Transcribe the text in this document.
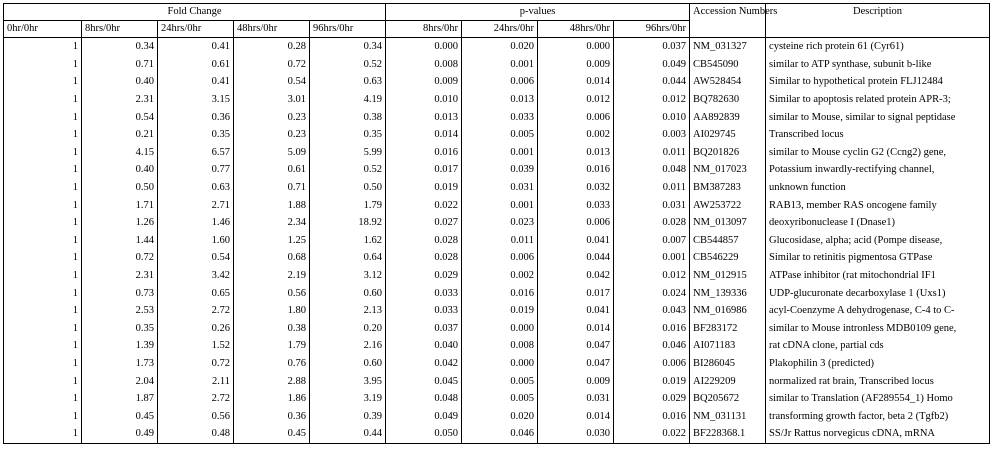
Fold Change					p-values				Accession Numbers	Description
0hr/0hr	8hrs/0hr	24hrs/0hr	48hrs/0hr	96hrs/0hr	8hrs/0hr	24hrs/0hr	48hrs/0hr	96hrs/0hr		
1	0.34	0.41	0.28	0.34	0.000	0.020	0.000	0.037	NM_031327	cysteine rich protein 61 (Cyr61)
1	0.71	0.61	0.72	0.52	0.008	0.001	0.009	0.049	CB545090	similar to ATP synthase, subunit b-like
1	0.40	0.41	0.54	0.63	0.009	0.006	0.014	0.044	AW528454	Similar to hypothetical protein FLJ12484
1	2.31	3.15	3.01	4.19	0.010	0.013	0.012	0.012	BQ782630	Similar to apoptosis related protein APR-3;
1	0.54	0.36	0.23	0.38	0.013	0.033	0.006	0.010	AA892839	similar to Mouse, similar to signal peptidase
1	0.21	0.35	0.23	0.35	0.014	0.005	0.002	0.003	AI029745	Transcribed locus
1	4.15	6.57	5.09	5.99	0.016	0.001	0.013	0.011	BQ201826	similar to Mouse cyclin G2 (Ccng2) gene,
1	0.40	0.77	0.61	0.52	0.017	0.039	0.016	0.048	NM_017023	Potassium inwardly-rectifying channel,
1	0.50	0.63	0.71	0.50	0.019	0.031	0.032	0.011	BM387283	unknown function
1	1.71	2.71	1.88	1.79	0.022	0.001	0.033	0.031	AW253722	RAB13, member RAS oncogene family
1	1.26	1.46	2.34	18.92	0.027	0.023	0.006	0.028	NM_013097	deoxyribonuclease I (Dnase1)
1	1.44	1.60	1.25	1.62	0.028	0.011	0.041	0.007	CB544857	Glucosidase, alpha; acid (Pompe disease,
1	0.72	0.54	0.68	0.64	0.028	0.006	0.044	0.001	CB546229	Similar to retinitis pigmentosa GTPase
1	2.31	3.42	2.19	3.12	0.029	0.002	0.042	0.012	NM_012915	ATPase inhibitor (rat mitochondrial IF1
1	0.73	0.65	0.56	0.60	0.033	0.016	0.017	0.024	NM_139336	UDP-glucuronate decarboxylase 1 (Uxs1)
1	2.53	2.72	1.80	2.13	0.033	0.019	0.041	0.043	NM_016986	acyl-Coenzyme A dehydrogenase, C-4 to C-
1	0.35	0.26	0.38	0.20	0.037	0.000	0.014	0.016	BF283172	similar to Mouse intronless MDB0109 gene,
1	1.39	1.52	1.79	2.16	0.040	0.008	0.047	0.046	AI071183	rat cDNA clone, partial cds
1	1.73	0.72	0.76	0.60	0.042	0.000	0.047	0.006	BI286045	Plakophilin 3 (predicted)
1	2.04	2.11	2.88	3.95	0.045	0.005	0.009	0.019	AI229209	normalized rat brain, Transcribed locus
1	1.87	2.72	1.86	3.19	0.048	0.005	0.031	0.029	BQ205672	similar to Translation (AF289554_1) Homo
1	0.45	0.56	0.36	0.39	0.049	0.020	0.014	0.016	NM_031131	transforming growth factor, beta 2 (Tgfb2)
1	0.49	0.48	0.45	0.44	0.050	0.046	0.030	0.022	BF228368.1	SS/Jr Rattus norvegicus cDNA, mRNA
